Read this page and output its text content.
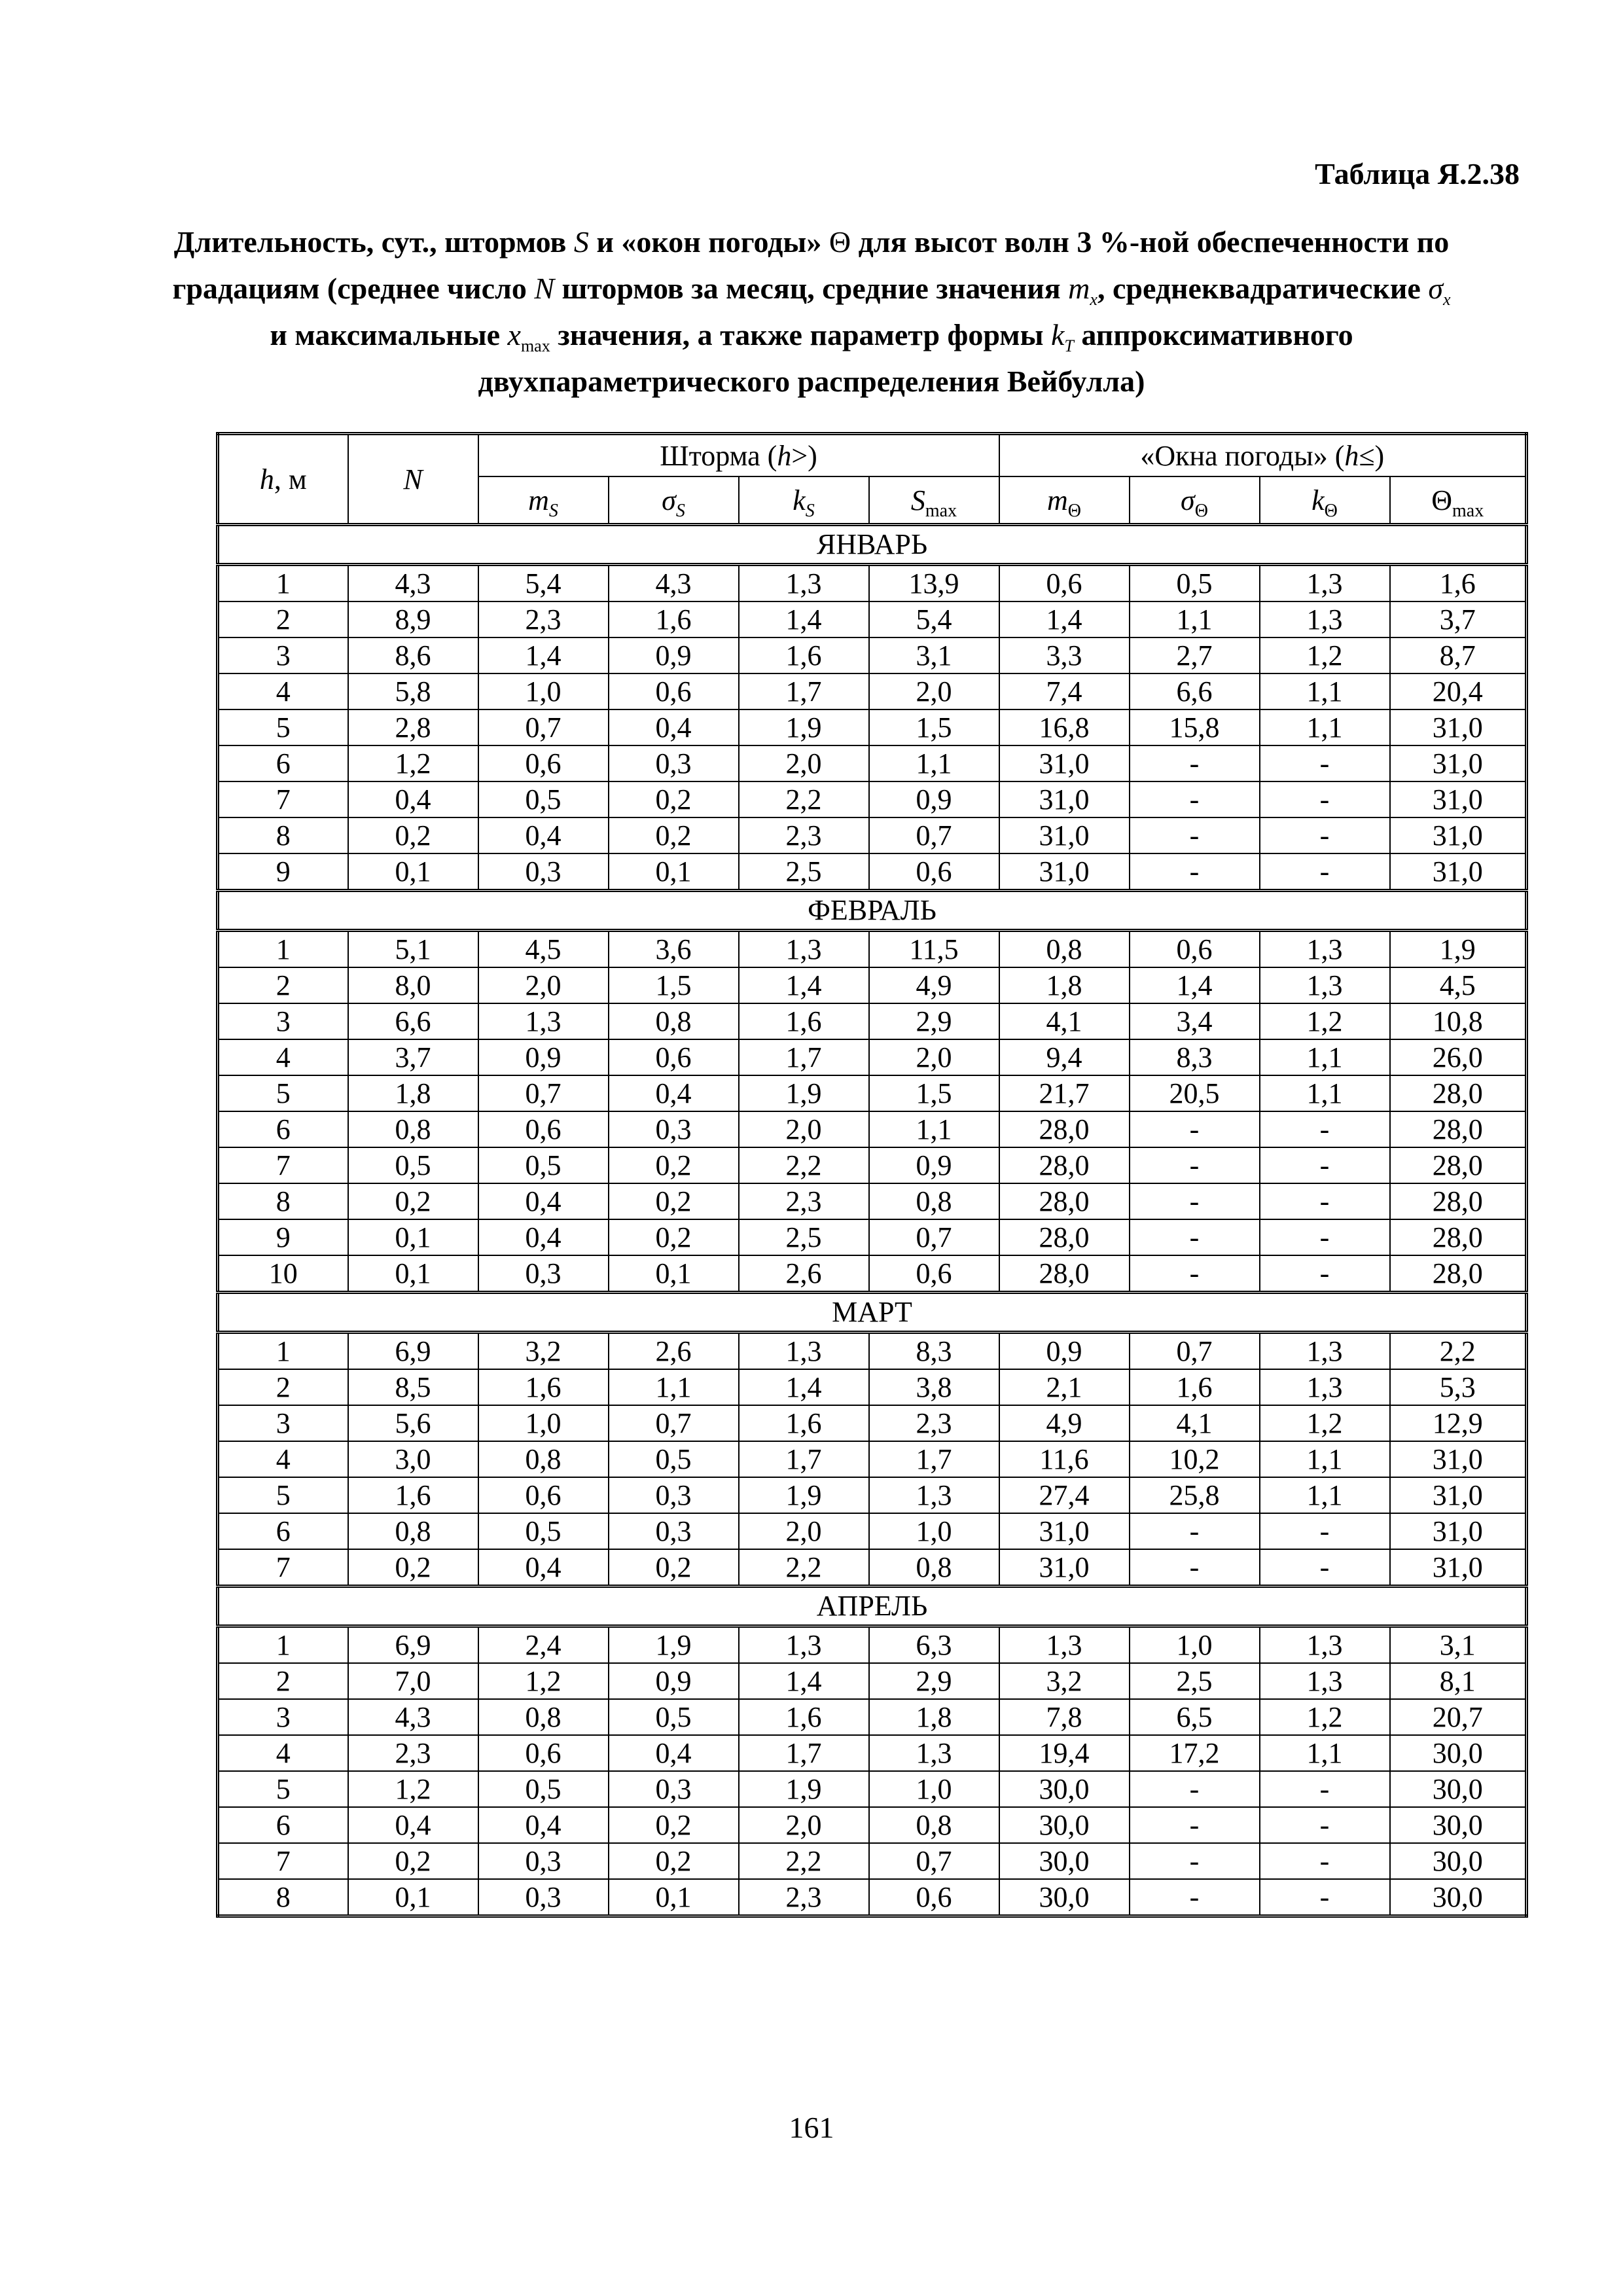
Таблица Я.2.38
Длительность, сут., штормов S и «окон погоды» Θ для высот волн 3 %-ной обеспеченности по градациям (среднее число N штормов за месяц, средние значения $m_x$, среднеквадратические $\sigma_x$ и максимальные $x_{max}$ значения, а также параметр формы $k_T$ аппроксимативного двухпараметрического распределения Вейбулла)
h, м	N	Шторма (h>)				«Окна погоды» (h≤)			
		$m_S$	$\sigma_S$	$k_S$	$S_{max}$	$m_\Theta$	$\sigma_\Theta$	$k_\Theta$	$\Theta_{max}$
ЯНВАРЬ									
1	4,3	5,4	4,3	1,3	13,9	0,6	0,5	1,3	1,6
2	8,9	2,3	1,6	1,4	5,4	1,4	1,1	1,3	3,7
3	8,6	1,4	0,9	1,6	3,1	3,3	2,7	1,2	8,7
4	5,8	1,0	0,6	1,7	2,0	7,4	6,6	1,1	20,4
5	2,8	0,7	0,4	1,9	1,5	16,8	15,8	1,1	31,0
6	1,2	0,6	0,3	2,0	1,1	31,0	-	-	31,0
7	0,4	0,5	0,2	2,2	0,9	31,0	-	-	31,0
8	0,2	0,4	0,2	2,3	0,7	31,0	-	-	31,0
9	0,1	0,3	0,1	2,5	0,6	31,0	-	-	31,0
ФЕВРАЛЬ									
1	5,1	4,5	3,6	1,3	11,5	0,8	0,6	1,3	1,9
2	8,0	2,0	1,5	1,4	4,9	1,8	1,4	1,3	4,5
3	6,6	1,3	0,8	1,6	2,9	4,1	3,4	1,2	10,8
4	3,7	0,9	0,6	1,7	2,0	9,4	8,3	1,1	26,0
5	1,8	0,7	0,4	1,9	1,5	21,7	20,5	1,1	28,0
6	0,8	0,6	0,3	2,0	1,1	28,0	-	-	28,0
7	0,5	0,5	0,2	2,2	0,9	28,0	-	-	28,0
8	0,2	0,4	0,2	2,3	0,8	28,0	-	-	28,0
9	0,1	0,4	0,2	2,5	0,7	28,0	-	-	28,0
10	0,1	0,3	0,1	2,6	0,6	28,0	-	-	28,0
МАРТ									
1	6,9	3,2	2,6	1,3	8,3	0,9	0,7	1,3	2,2
2	8,5	1,6	1,1	1,4	3,8	2,1	1,6	1,3	5,3
3	5,6	1,0	0,7	1,6	2,3	4,9	4,1	1,2	12,9
4	3,0	0,8	0,5	1,7	1,7	11,6	10,2	1,1	31,0
5	1,6	0,6	0,3	1,9	1,3	27,4	25,8	1,1	31,0
6	0,8	0,5	0,3	2,0	1,0	31,0	-	-	31,0
7	0,2	0,4	0,2	2,2	0,8	31,0	-	-	31,0
АПРЕЛЬ									
1	6,9	2,4	1,9	1,3	6,3	1,3	1,0	1,3	3,1
2	7,0	1,2	0,9	1,4	2,9	3,2	2,5	1,3	8,1
3	4,3	0,8	0,5	1,6	1,8	7,8	6,5	1,2	20,7
4	2,3	0,6	0,4	1,7	1,3	19,4	17,2	1,1	30,0
5	1,2	0,5	0,3	1,9	1,0	30,0	-	-	30,0
6	0,4	0,4	0,2	2,0	0,8	30,0	-	-	30,0
7	0,2	0,3	0,2	2,2	0,7	30,0	-	-	30,0
8	0,1	0,3	0,1	2,3	0,6	30,0	-	-	30,0
161
